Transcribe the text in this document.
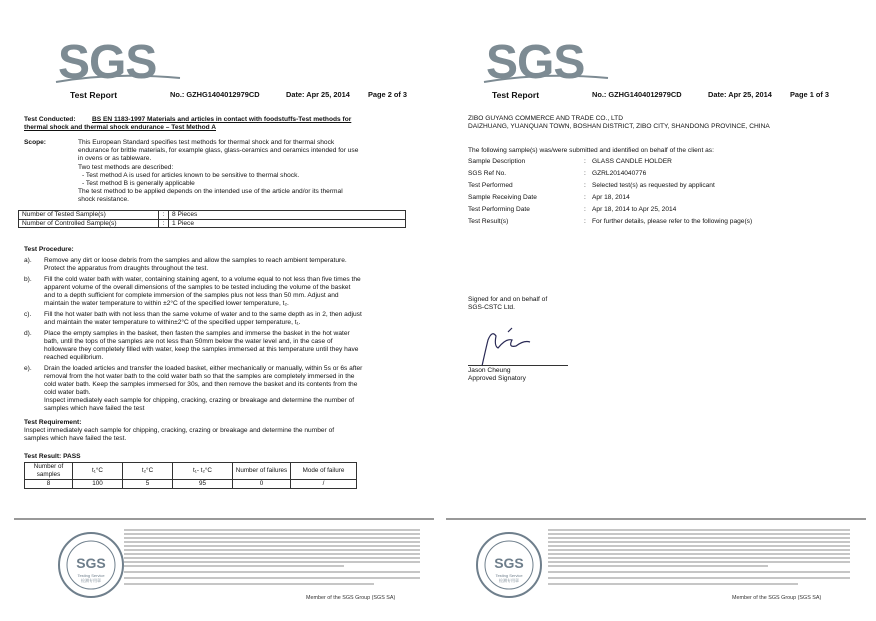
SGS
Test Report	No.: GZHG1404012979CD	Date: Apr 25, 2014 Page 2 of 3
Test Conducted: BS EN 1183-1997 Materials and articles in contact with foodstuffs-Test methods for
thermal shock and thermal shock endurance – Test Method A
Scope:	This European Standard specifies test methods for thermal shock and for thermal shock
endurance for brittle materials, for example glass, glass-ceramics and ceramics intended for use
in ovens or as tableware.
Two test methods are described:
- Test method A is used for articles known to be sensitive to thermal shock.
- Test method B is generally applicable
The test method to be applied depends on the intended use of the article and/or its thermal
shock resistance.
Number of Tested Sample(s)	:	8 Pieces
Number of Controlled Sample(s)	:	1 Piece
Test Procedure:
a). Remove any dirt or loose debris from the samples and allow the samples to reach ambient temperature.
Protect the apparatus from draughts throughout the test.
b). Fill the cold water bath with water, containing staining agent, to a volume equal to not less than five times the
apparent volume of the overall dimensions of the samples to be tested including the volume of the basket
and to a depth sufficient for complete immersion of the samples plus not less than 50 mm. Adjust and
maintain the water temperature to within ±2°C of the specified lower temperature, t₂.
c). Fill the hot water bath with not less than the same volume of water and to the same depth as in 2, then adjust
and maintain the water temperature to within±2°C of the specified upper temperature, t₁.
d). Place the empty samples in the basket, then fasten the samples and immerse the basket in the hot water
bath, until the tops of the samples are not less than 50mm below the water level and, in the case of
hollowware they completely filled with water, keep the samples immersed at this temperature until they have
reached equilibrium.
e). Drain the loaded articles and transfer the loaded basket, either mechanically or manually, within 5s or 6s after
removal from the hot water bath to the cold water bath so that the samples are completely immersed in the
cold water bath. Keep the samples immersed for 30s, and then remove the basket and its contents from the
cold water bath.
Inspect immediately each sample for chipping, cracking, crazing or breakage and determine the number of
samples which have failed the test
Test Requirement:
Inspect immediately each sample for chipping, cracking, crazing or breakage and determine the number of
samples which have failed the test.
Test Result: PASS
Number of samples	t₁°C	t₂°C	t₁- t₂°C	Number of failures	Mode of failure
8	100	5	95	0	/
SGS
Testing Service
检测专用章
Member of the SGS Group (SGS SA)
SGS
Test Report	No.: GZHG1404012979CD	Date: Apr 25, 2014 Page 1 of 3
ZIBO GUYANG COMMERCE AND TRADE CO., LTD
DAIZHUANG, YUANQUAN TOWN, BOSHAN DISTRICT, ZIBO CITY, SHANDONG PROVINCE, CHINA
The following sample(s) was/were submitted and identified on behalf of the client as:
Sample Description	: GLASS CANDLE HOLDER
SGS Ref No.	: GZRL2014040776
Test Performed	: Selected test(s) as requested by applicant
Sample Receiving Date	: Apr 18, 2014
Test Performing Date	: Apr 18, 2014 to Apr 25, 2014
Test Result(s)	: For further details, please refer to the following page(s)
Signed for and on behalf of
SGS-CSTC Ltd.
Jason Cheung
Approved Signatory
SGS
Testing Service
检测专用章
Member of the SGS Group (SGS SA)
